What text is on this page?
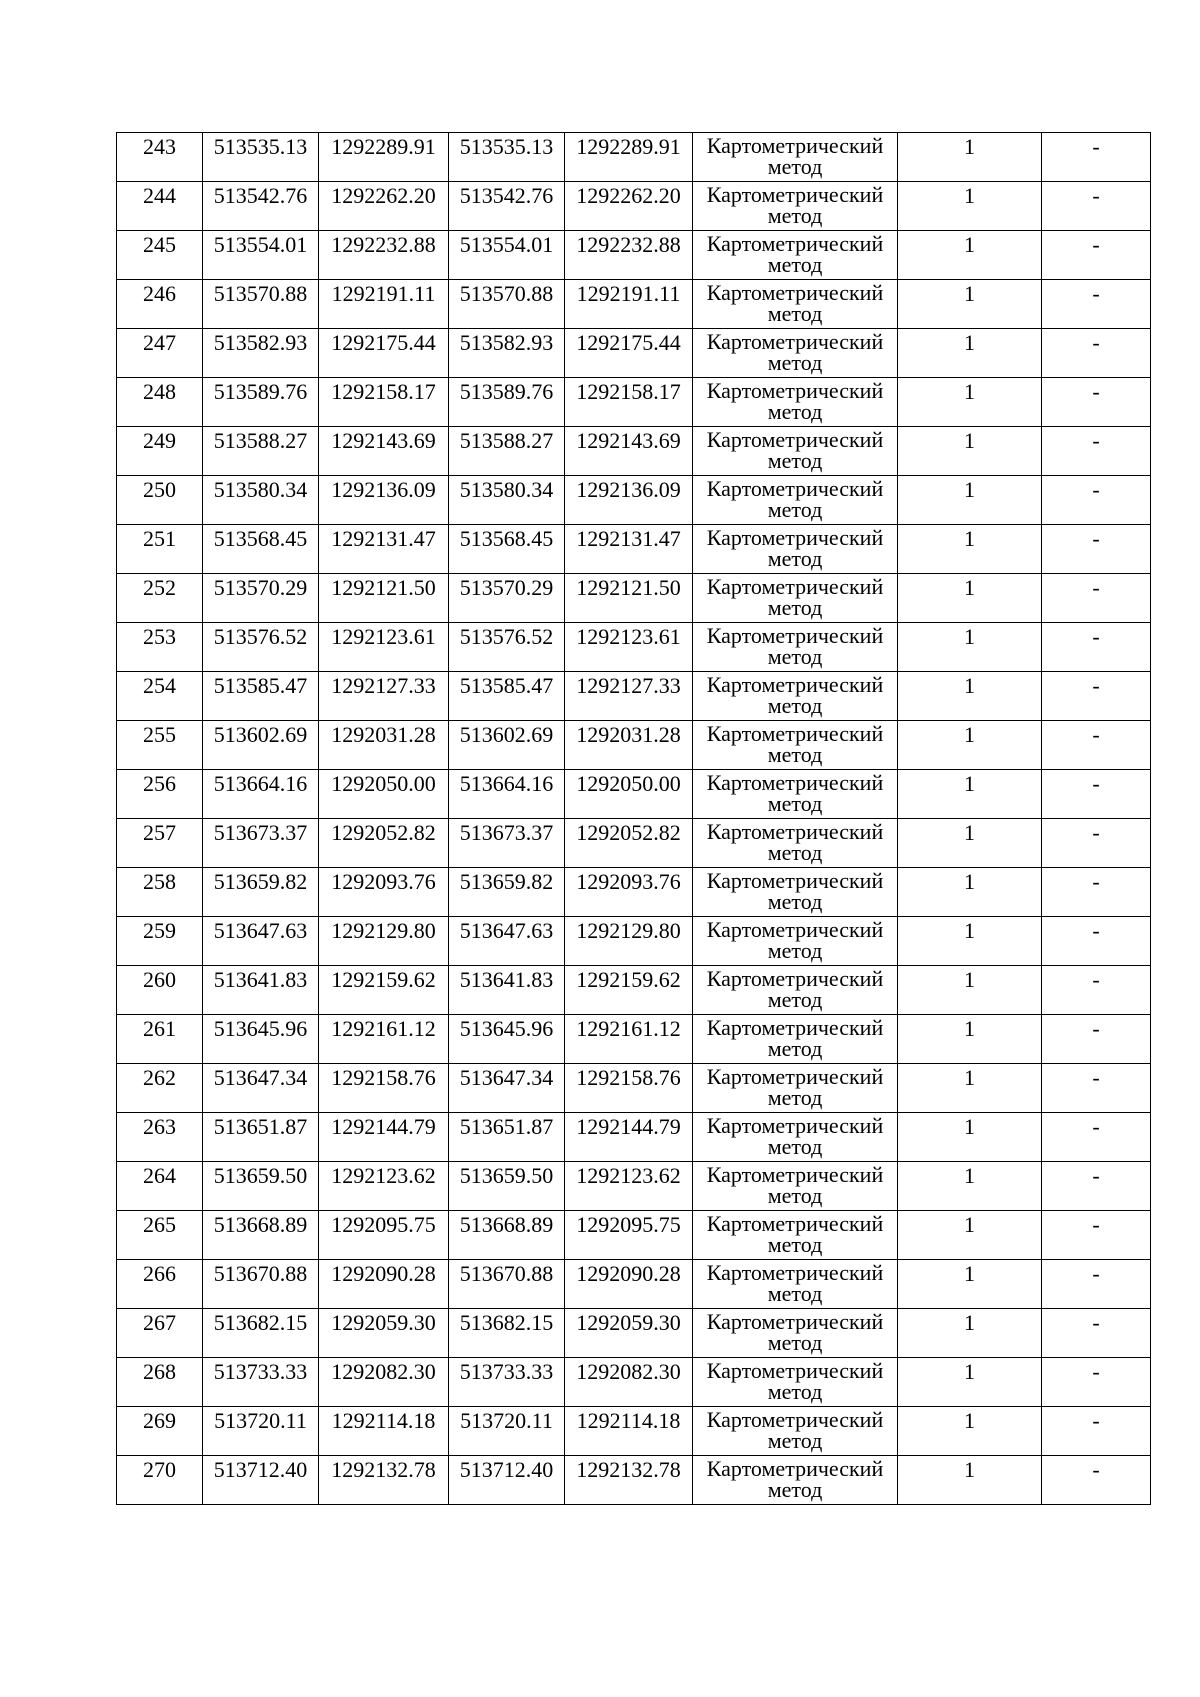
243	513535.13	1292289.91	513535.13	1292289.91	Картометрический
метод	1	-

244	513542.76	1292262.20	513542.76	1292262.20	Картометрический
метод	1	-

245	513554.01	1292232.88	513554.01	1292232.88	Картометрический
метод	1	-

246	513570.88	1292191.11	513570.88	1292191.11	Картометрический
метод	1	-

247	513582.93	1292175.44	513582.93	1292175.44	Картометрический
метод	1	-

248	513589.76	1292158.17	513589.76	1292158.17	Картометрический
метод	1	-

249	513588.27	1292143.69	513588.27	1292143.69	Картометрический
метод	1	-

250	513580.34	1292136.09	513580.34	1292136.09	Картометрический
метод	1	-

251	513568.45	1292131.47	513568.45	1292131.47	Картометрический
метод	1	-

252	513570.29	1292121.50	513570.29	1292121.50	Картометрический
метод	1	-

253	513576.52	1292123.61	513576.52	1292123.61	Картометрический
метод	1	-

254	513585.47	1292127.33	513585.47	1292127.33	Картометрический
метод	1	-

255	513602.69	1292031.28	513602.69	1292031.28	Картометрический
метод	1	-

256	513664.16	1292050.00	513664.16	1292050.00	Картометрический
метод	1	-

257	513673.37	1292052.82	513673.37	1292052.82	Картометрический
метод	1	-

258	513659.82	1292093.76	513659.82	1292093.76	Картометрический
метод	1	-

259	513647.63	1292129.80	513647.63	1292129.80	Картометрический
метод	1	-

260	513641.83	1292159.62	513641.83	1292159.62	Картометрический
метод	1	-

261	513645.96	1292161.12	513645.96	1292161.12	Картометрический
метод	1	-

262	513647.34	1292158.76	513647.34	1292158.76	Картометрический
метод	1	-

263	513651.87	1292144.79	513651.87	1292144.79	Картометрический
метод	1	-

264	513659.50	1292123.62	513659.50	1292123.62	Картометрический
метод	1	-

265	513668.89	1292095.75	513668.89	1292095.75	Картометрический
метод	1	-

266	513670.88	1292090.28	513670.88	1292090.28	Картометрический
метод	1	-

267	513682.15	1292059.30	513682.15	1292059.30	Картометрический
метод	1	-

268	513733.33	1292082.30	513733.33	1292082.30	Картометрический
метод	1	-

269	513720.11	1292114.18	513720.11	1292114.18	Картометрический
метод	1	-

270	513712.40	1292132.78	513712.40	1292132.78	Картометрический
метод	1	-
